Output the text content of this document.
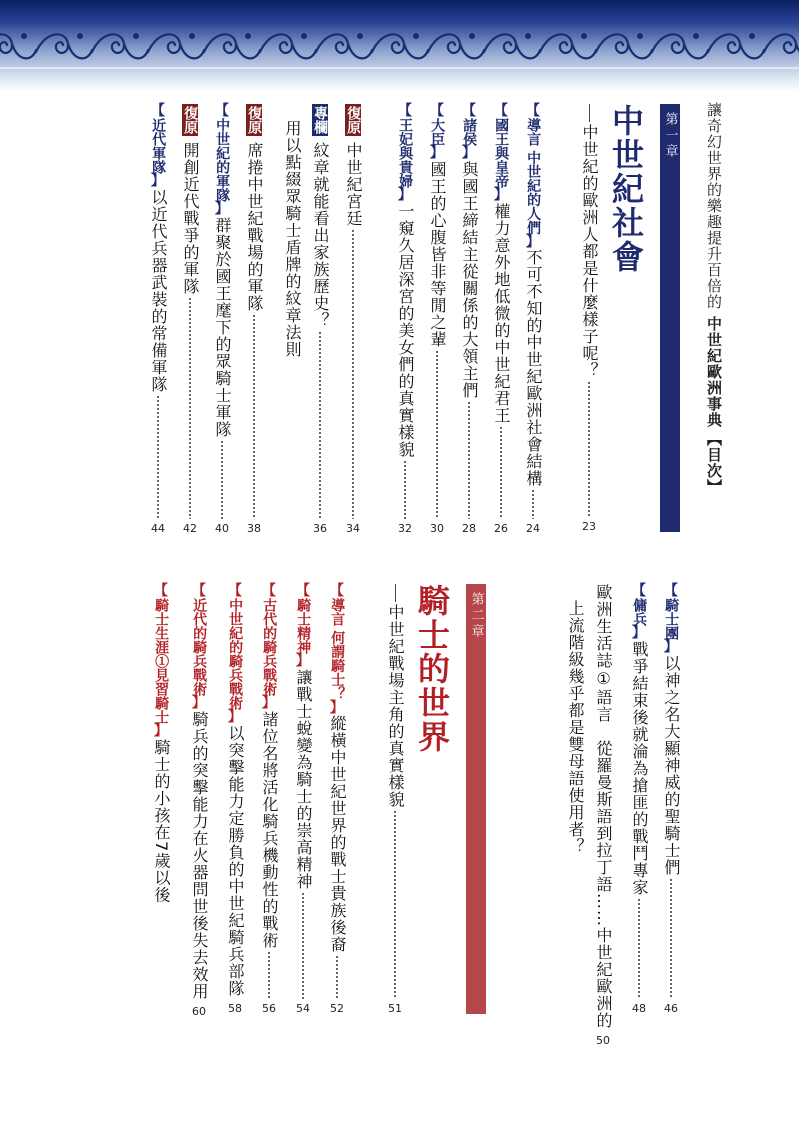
讓奇幻世界的樂趣提升百倍的
中世紀歐洲事典
【目次】
第一章
中世紀社會
中世紀的歐洲人都是什麼樣子呢？
23
【
導言 中世紀的人們
】
不可不知的中世紀歐洲社會結構
24
【
國王與皇帝
】
權力意外地低微的中世紀君王
26
【
諸侯
】
與國王締結主從關係的大領主們
28
【
大臣
】
國王的心腹皆非等閒之輩
30
【
王妃與貴婦
】
一窺久居深宮的美女們的真實樣貌
32
復原
中世紀宮廷
34
專欄
紋章就能看出家族歷史？
36
用以點綴眾騎士盾牌的紋章法則
復原
席捲中世紀戰場的軍隊
38
【
中世紀的軍隊
】
群聚於國王麾下的眾騎士軍隊
40
復原
開創近代戰爭的軍隊
42
【
近代軍隊
】
以近代兵器武裝的常備軍隊
44
【
騎士團
】
以神之名大顯神威的聖騎士們
46
【
傭兵
】
戰爭結束後就淪為搶匪的戰鬥專家
48
歐洲生活誌①語言　從羅曼斯語到拉丁語……中世紀歐洲的
50
上流階級幾乎都是雙母語使用者？
第二章
騎士的世界
中世紀戰場主角的真實樣貌
51
【
導言 何謂騎士？
】
縱橫中世紀世界的戰士貴族後裔
52
【
騎士精神
】
讓戰士蛻變為騎士的崇高精神
54
【
古代的騎兵戰術
】
諸位名將活化騎兵機動性的戰術
56
【
中世紀的騎兵戰術
】
以突擊能力定勝負的中世紀騎兵部隊
58
【
近代的騎兵戰術
】
騎兵的突擊能力在火器問世後失去效用
60
【
騎士生涯①見習騎士
】
騎士的小孩在7歲以後
